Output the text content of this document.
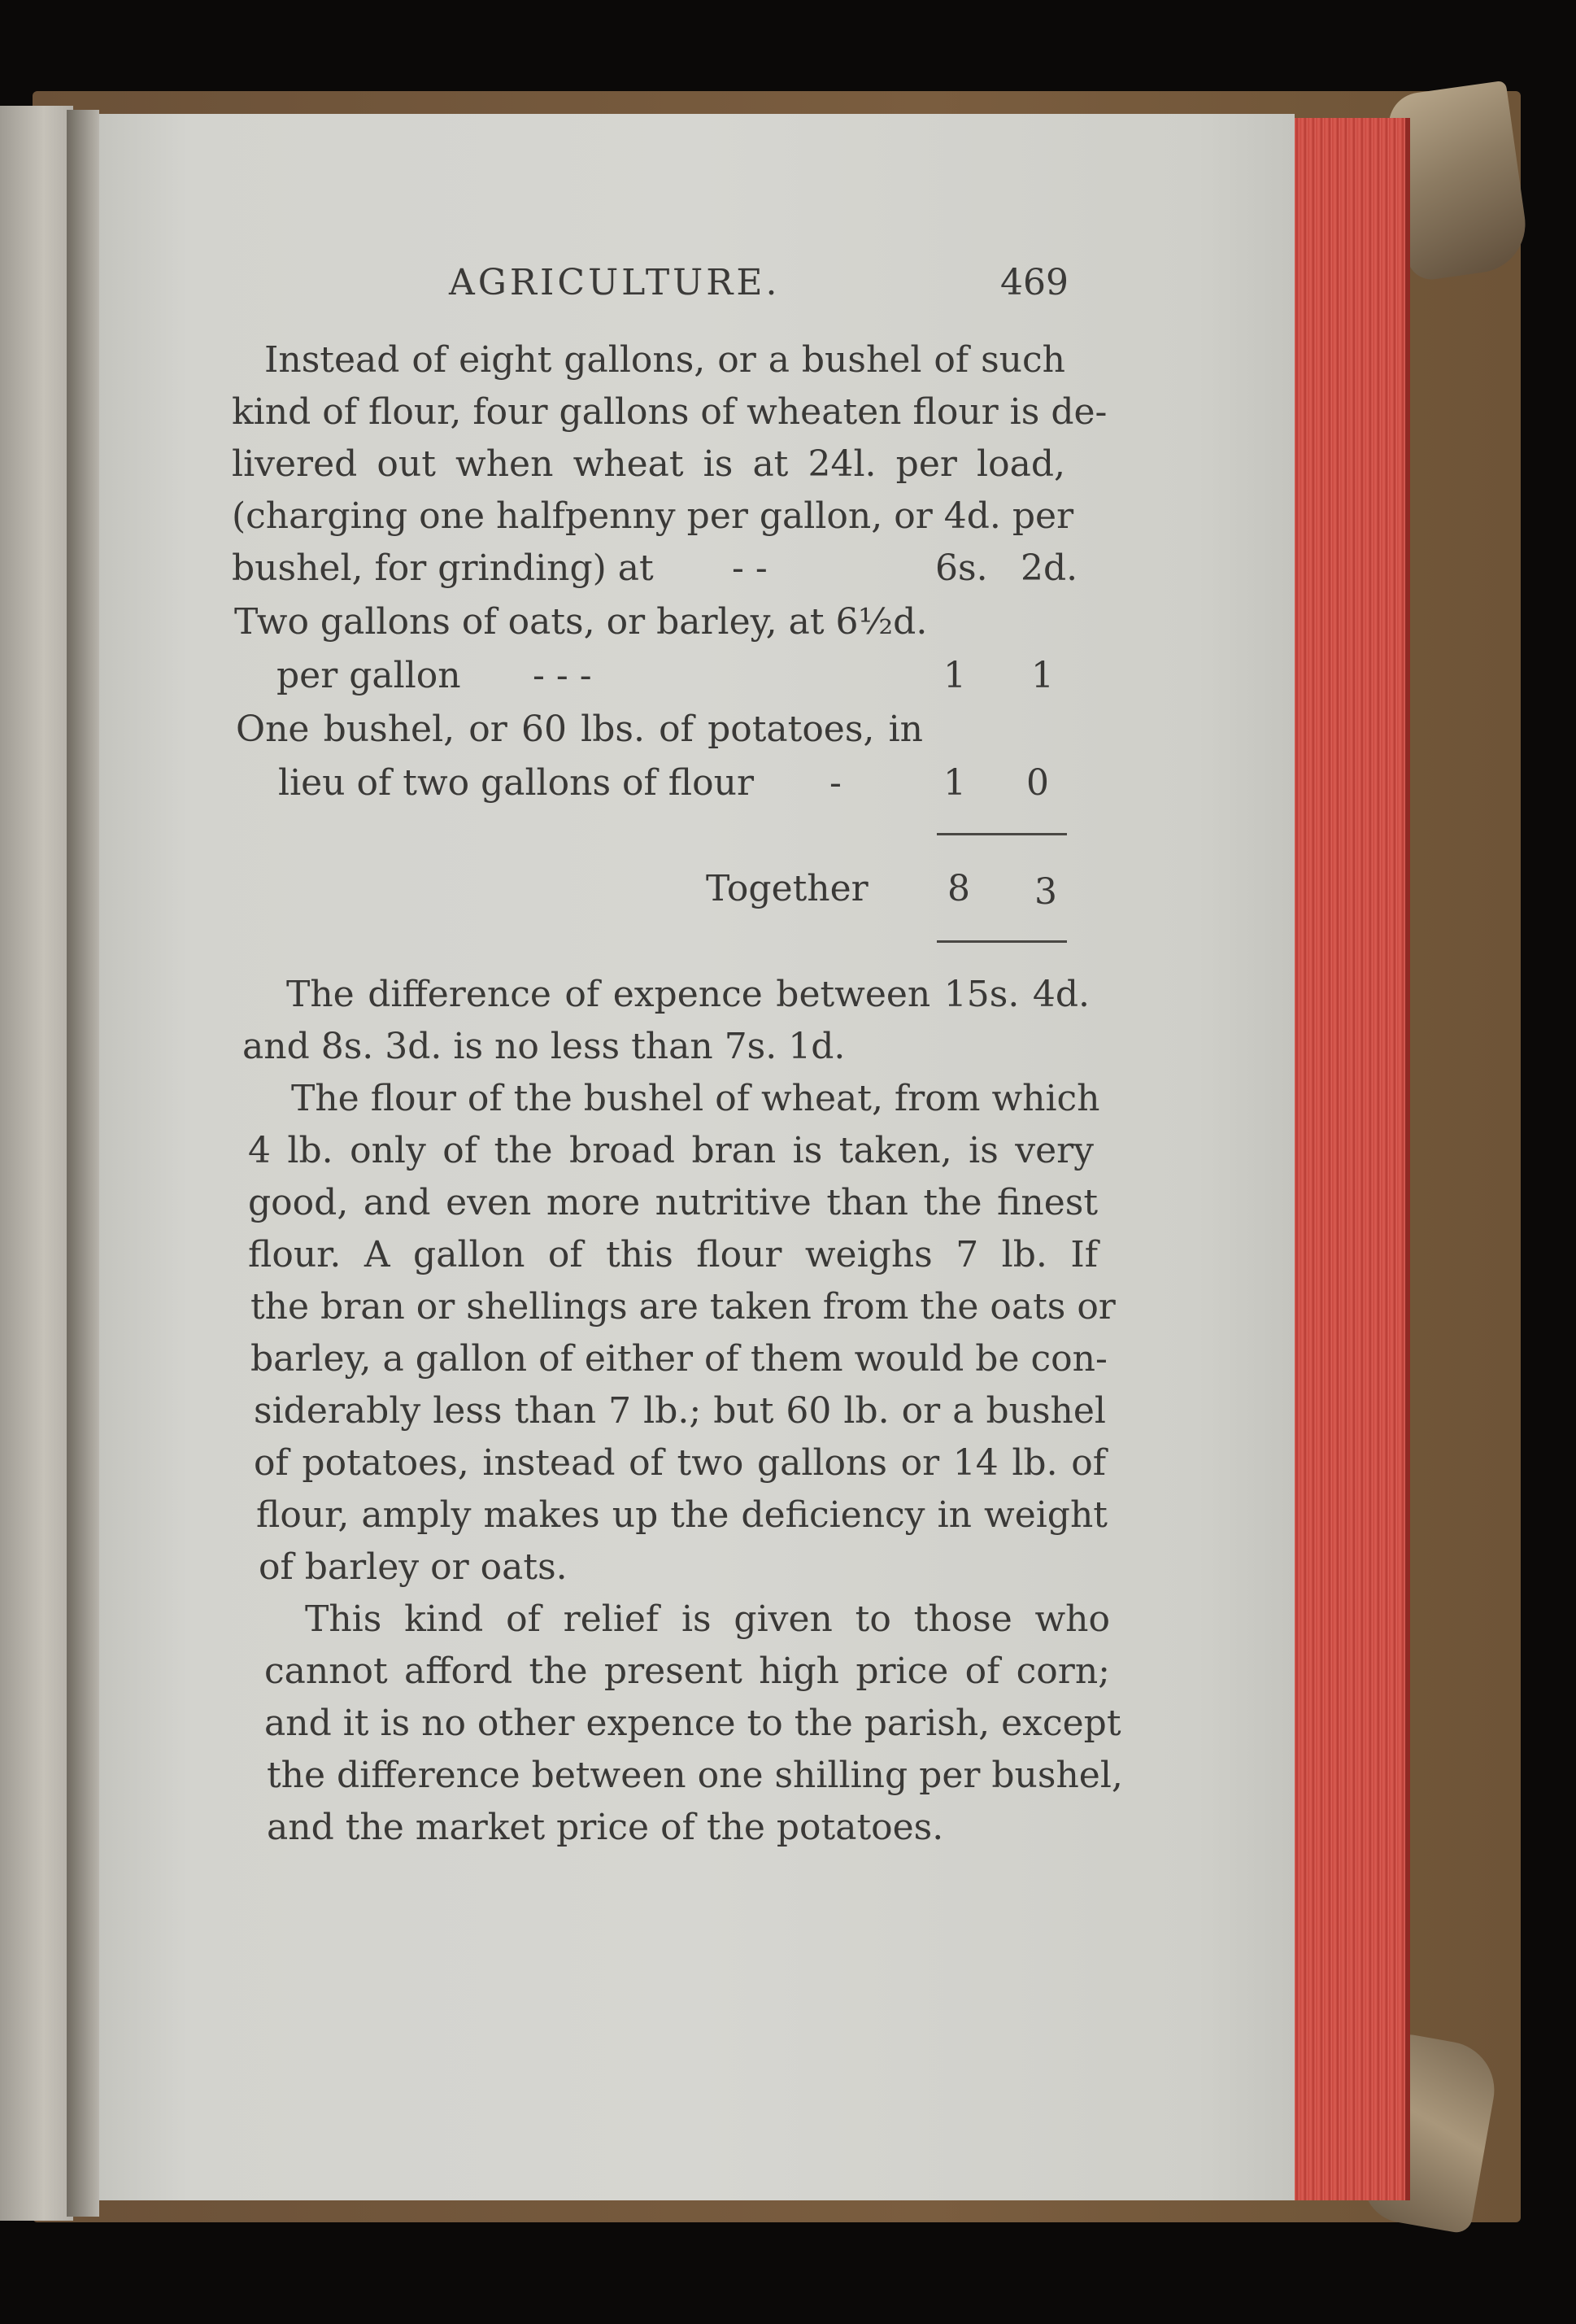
AGRICULTURE.	469
Instead of eight gallons, or a bushel of such
kind of flour, four gallons of wheaten flour is de-
livered out when wheat is at 24l. per load,
(charging one halfpenny per gallon, or 4d. per
bushel, for grinding) at - -	6s. 2d.
Two gallons of oats, or barley, at 6½d.
per gallon - - -	1 1
One bushel, or 60 lbs. of potatoes, in
lieu of two gallons of flour -	1 0
Together 8 3
The difference of expence between 15s. 4d.
and 8s. 3d. is no less than 7s. 1d.
The flour of the bushel of wheat, from which
4 lb. only of the broad bran is taken, is very
good, and even more nutritive than the finest
flour. A gallon of this flour weighs 7 lb. If
the bran or shellings are taken from the oats or
barley, a gallon of either of them would be con-
siderably less than 7 lb.; but 60 lb. or a bushel
of potatoes, instead of two gallons or 14 lb. of
flour, amply makes up the deficiency in weight
of barley or oats.
This kind of relief is given to those who
cannot afford the present high price of corn;
and it is no other expence to the parish, except
the difference between one shilling per bushel,
and the market price of the potatoes.
